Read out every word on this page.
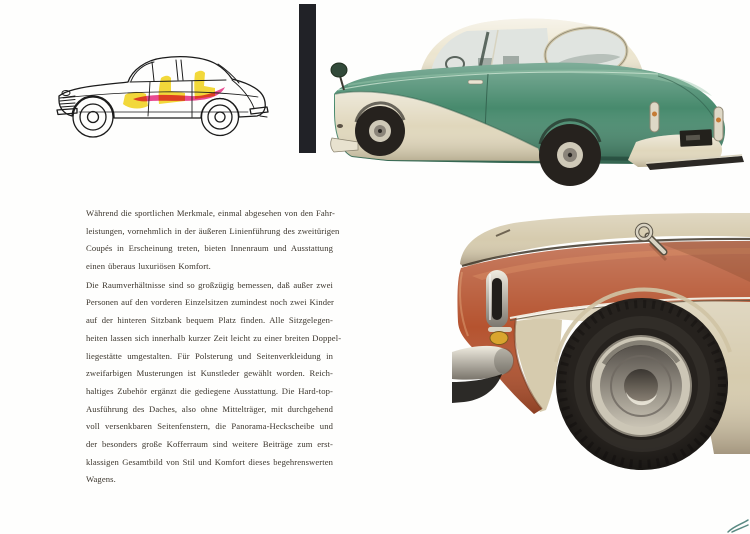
Während die sportlichen Merkmale, einmal abgesehen von den Fahr-
leistungen, vornehmlich in der äußeren Linienführung des zweitürigen
Coupés in Erscheinung treten, bieten Innenraum und Ausstattung
einen überaus luxuriösen Komfort.
Die Raumverhältnisse sind so großzügig bemessen, daß außer zwei
Personen auf den vorderen Einzelsitzen zumindest noch zwei Kinder
auf der hinteren Sitzbank bequem Platz finden. Alle Sitzgelegen-
heiten lassen sich innerhalb kurzer Zeit leicht zu einer breiten Doppel-
liegestätte umgestalten. Für Polsterung und Seitenverkleidung in
zweifarbigen Musterungen ist Kunstleder gewählt worden. Reich-
haltiges Zubehör ergänzt die gediegene Ausstattung. Die Hard-top-
Ausführung des Daches, also ohne Mittelträger, mit durchgehend
voll versenkbaren Seitenfenstern, die Panorama-Heckscheibe und
der besonders große Kofferraum sind weitere Beiträge zum erst-
klassigen Gesamtbild von Stil und Komfort dieses begehrenswerten
Wagens.
